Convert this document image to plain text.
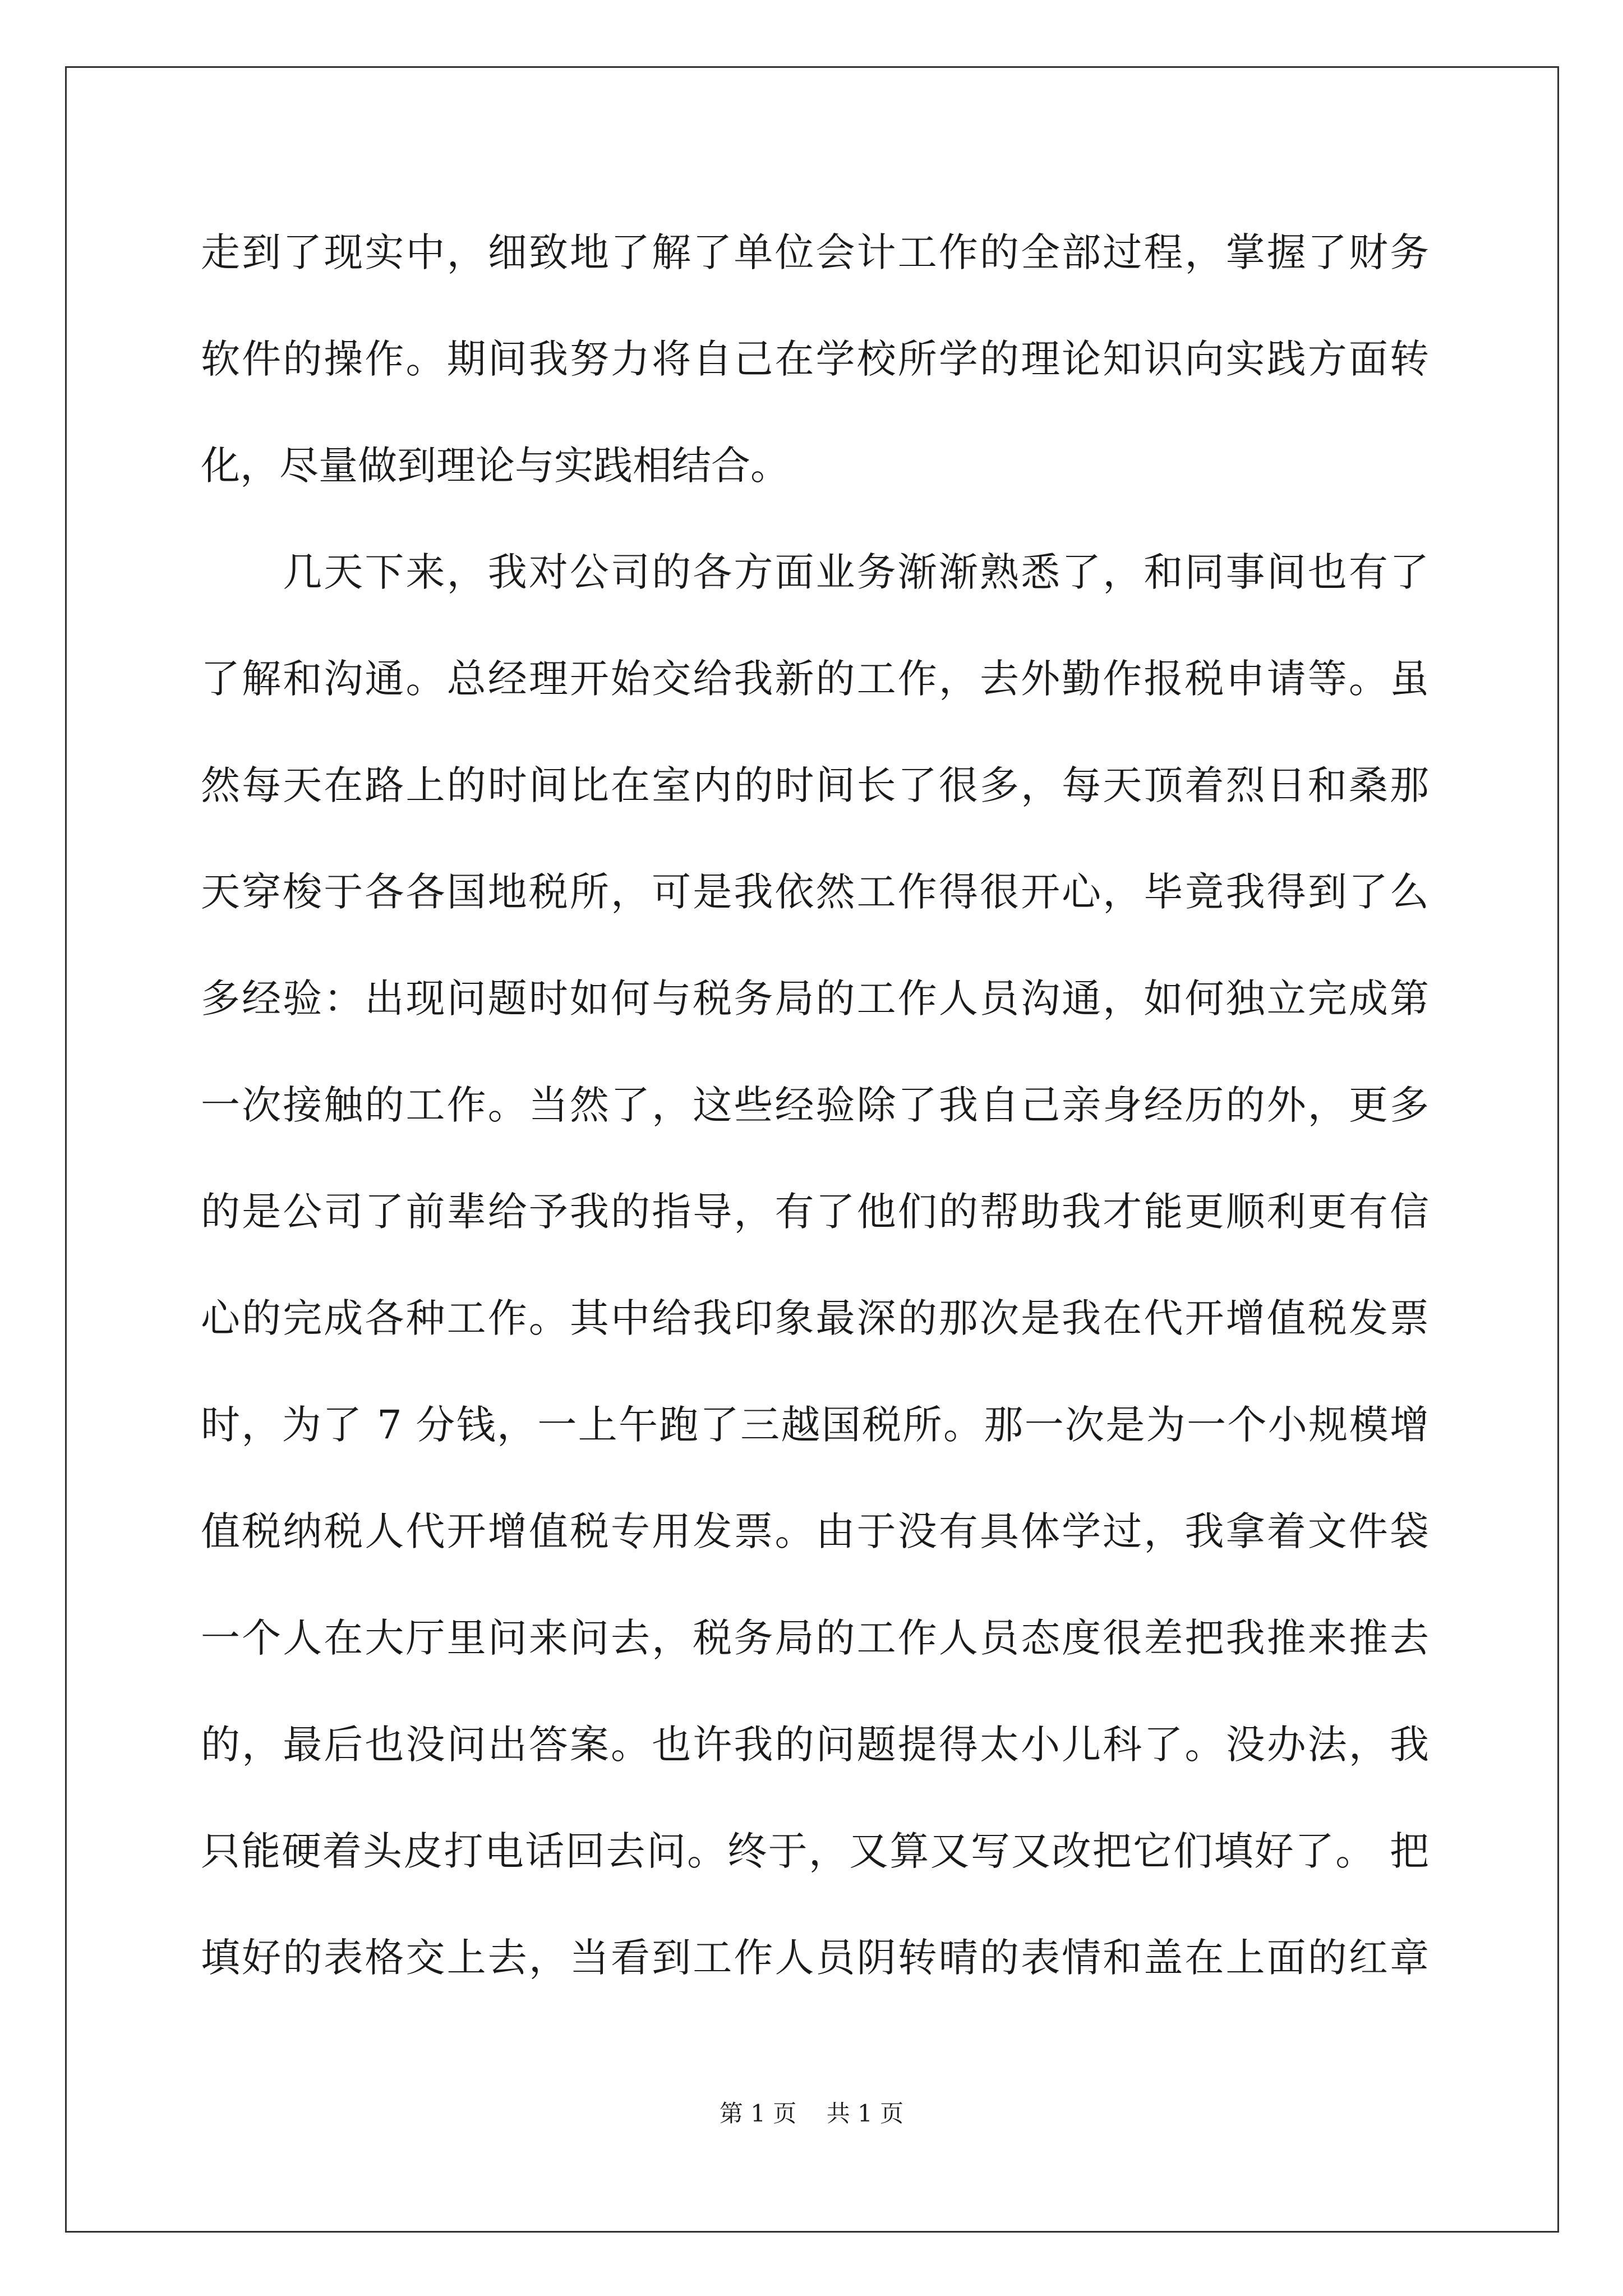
走到了现实中，细致地了解了单位会计工作的全部过程，掌握了财务
软件的操作。期间我努力将自己在学校所学的理论知识向实践方面转
化，尽量做到理论与实践相结合。
　　几天下来，我对公司的各方面业务渐渐熟悉了，和同事间也有了
了解和沟通。总经理开始交给我新的工作，去外勤作报税申请等。虽
然每天在路上的时间比在室内的时间长了很多，每天顶着烈日和桑那
天穿梭于各各国地税所，可是我依然工作得很开心，毕竟我得到了么
多经验：出现问题时如何与税务局的工作人员沟通，如何独立完成第
一次接触的工作。当然了，这些经验除了我自己亲身经历的外，更多
的是公司了前辈给予我的指导，有了他们的帮助我才能更顺利更有信
心的完成各种工作。其中给我印象最深的那次是我在代开增值税发票
时，为了 7 分钱，一上午跑了三越国税所。那一次是为一个小规模增
值税纳税人代开增值税专用发票。由于没有具体学过，我拿着文件袋
一个人在大厅里问来问去，税务局的工作人员态度很差把我推来推去
的，最后也没问出答案。也许我的问题提得太小儿科了。没办法，我
只能硬着头皮打电话回去问。终于，又算又写又改把它们填好了。 把
填好的表格交上去，当看到工作人员阴转晴的表情和盖在上面的红章
第 1 页    共 1 页
